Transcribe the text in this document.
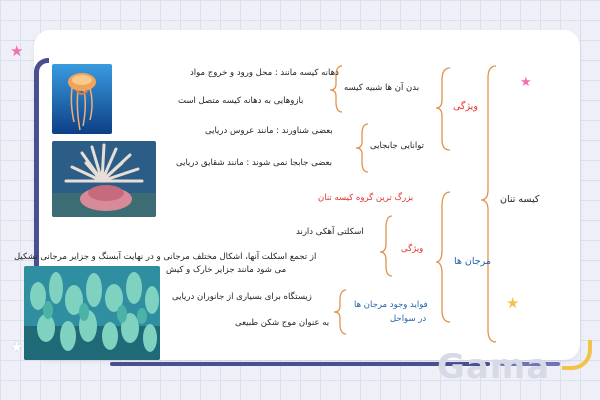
★
★
★
★	Gama
کیسه تنان
ویژگی
بدن آن ها شبیه کیسه
دهانه کیسه مانند : محل ورود و خروج مواد
بازوهایی به دهانه کیسه متصل است
توانایی جابجایی
بعضی شناورند : مانند عروس دریایی
بعضی جابجا نمی شوند : مانند شقایق دریایی
مرجان ها
بزرگ ترین گروه کیسه تنان
ویژگی
اسکلتی آهکی دارند
از تجمع اسکلت آنها، اشکال مختلف مرجانی و در نهایت آبسنگ و جزایر مرجانی تشکیل
می شود مانند جزایر خارک و کیش
فواید وجود مرجان ها
در سواحل
زیستگاه برای بسیاری از جانوران دریایی
به عنوان موج شکن طبیعی
